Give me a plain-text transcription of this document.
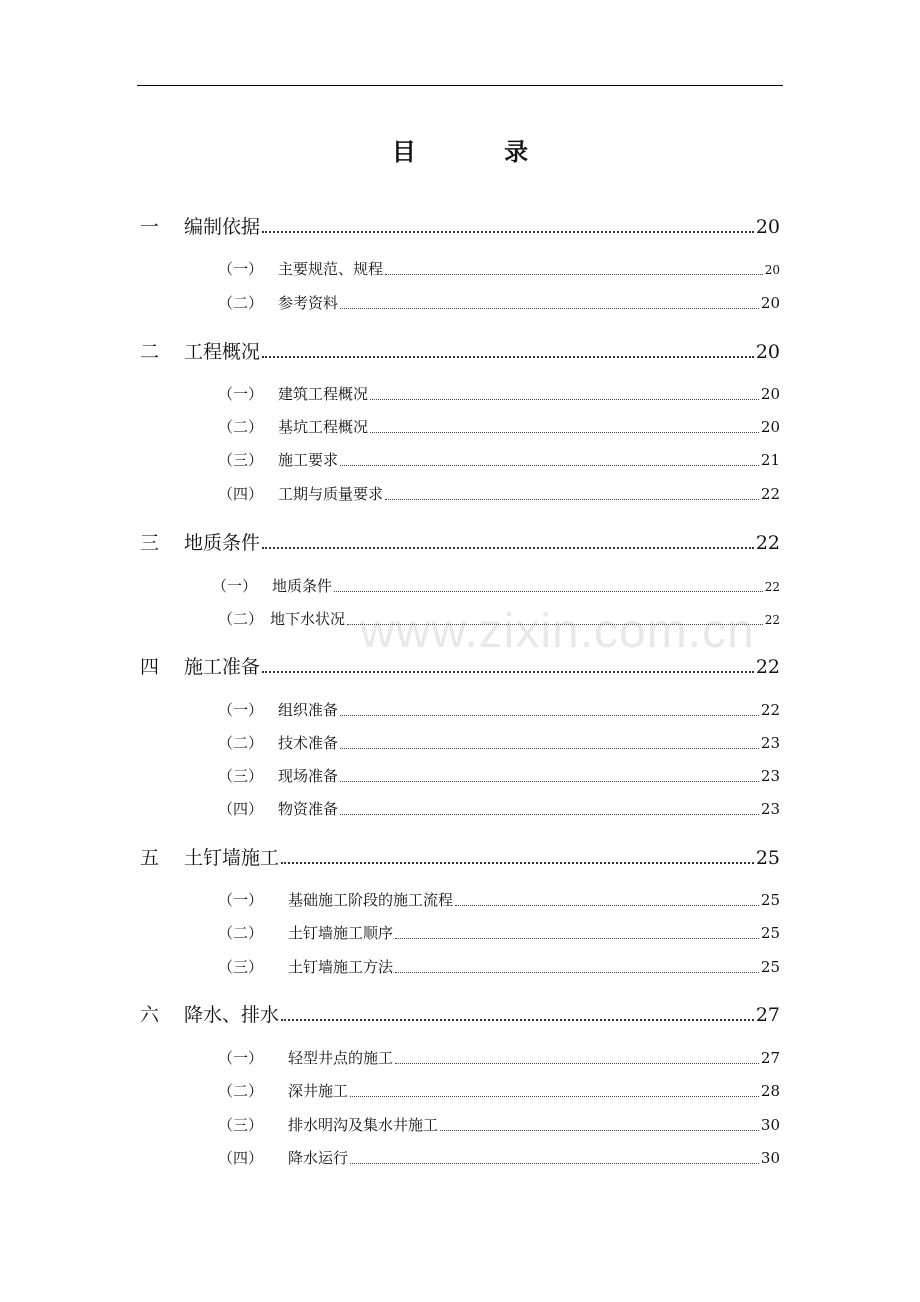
目 录
www.zixin.com.cn
一	编制依据	20
（一） 主要规范、规程	20
（二） 参考资料	20
二	工程概况	20
（一） 建筑工程概况	20
（二） 基坑工程概况	20
（三） 施工要求	21
（四） 工期与质量要求	22
三	地质条件	22
（一） 地质条件	22
（二） 地下水状况	22
四	施工准备	22
（一） 组织准备	22
（二） 技术准备	23
（三） 现场准备	23
（四） 物资准备	23
五	土钉墙施工	25
（一）	基础施工阶段的施工流程	25
（二）	土钉墙施工顺序	25
（三）	土钉墙施工方法	25
六	降水、排水	27
（一）	轻型井点的施工	27
（二）	深井施工	28
（三）	排水明沟及集水井施工	30
（四）	降水运行	30
